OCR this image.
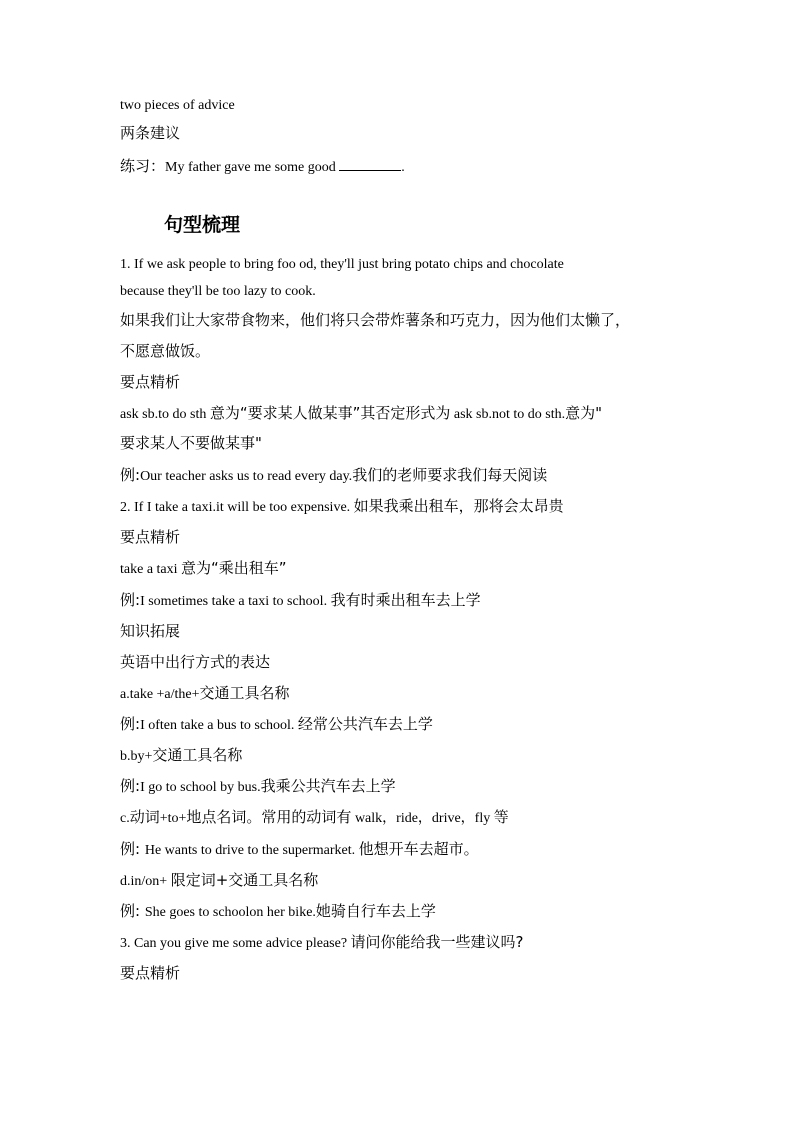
two pieces of advice
两条建议
练习：My father gave me some good	.
句型梳理
1. If we ask people to bring foo od, they'll just bring potato chips and chocolate
because they'll be too lazy to cook.
如果我们让大家带食物来，他们将只会带炸薯条和巧克力，因为他们太懒了，
不愿意做饭。
要点精析
ask sb.to do sth 意为“要求某人做某事”其否定形式为 ask sb.not to do sth.意为"
要求某人不要做某事"
例:Our teacher asks us to read every day.我们的老师要求我们每天阅读
2. If I take a taxi.it will be too expensive. 如果我乘出租车，那将会太昂贵
要点精析
take a taxi 意为“乘出租车”
例:I sometimes take a taxi to school. 我有时乘出租车去上学
知识拓展
英语中出行方式的表达
a.take +a/the+交通工具名称
例:I often take a bus to school. 经常公共汽车去上学
b.by+交通工具名称
例:I go to school by bus.我乘公共汽车去上学
c.动词+to+地点名词。常用的动词有 walk，ride，drive，fly 等
例: He wants to drive to the supermarket. 他想开车去超市。
d.in/on+ 限定词+交通工具名称
例: She goes to schoolon her bike.她骑自行车去上学
3. Can you give me some advice please? 请问你能给我一些建议吗?
要点精析
